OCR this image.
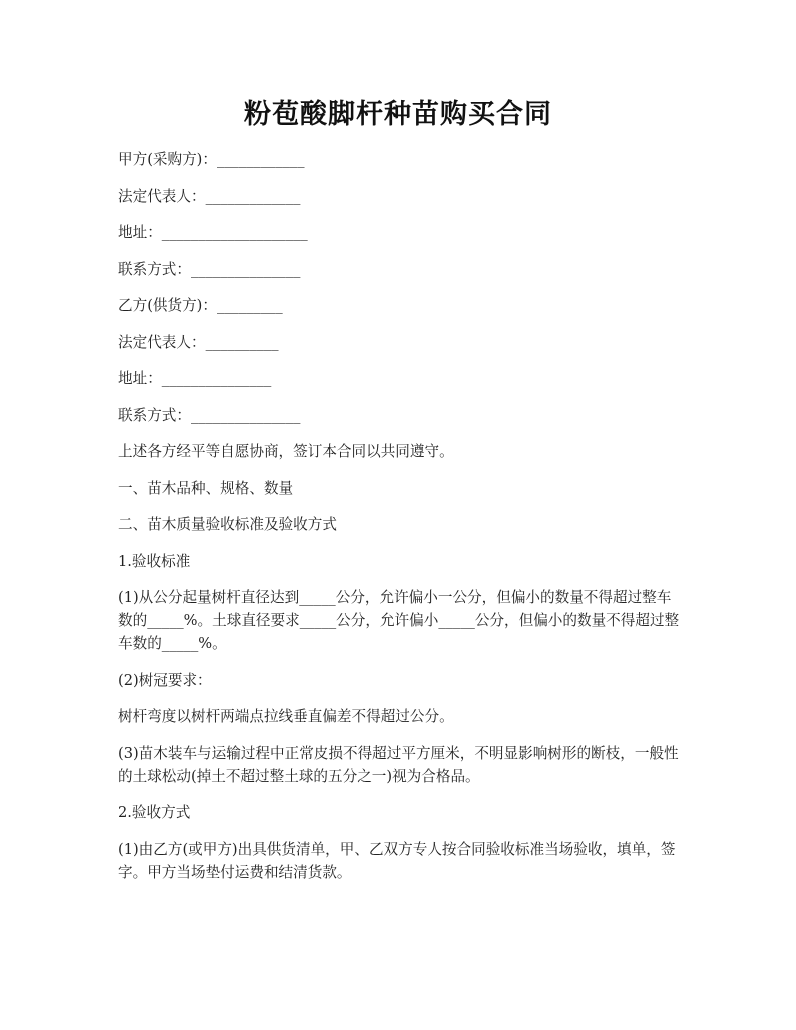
粉苞酸脚杆种苗购买合同

甲方(采购方)：____________

法定代表人：_____________

地址：____________________

联系方式：_______________

乙方(供货方)：_________

法定代表人：__________

地址：_______________

联系方式：_______________

上述各方经平等自愿协商，签订本合同以共同遵守。

一、苗木品种、规格、数量

二、苗木质量验收标准及验收方式

1.验收标准

(1)从公分起量树杆直径达到_____公分，允许偏小一公分，但偏小的数量不得超过整车数的_____%。土球直径要求_____公分，允许偏小_____公分，但偏小的数量不得超过整车数的_____%。

(2)树冠要求：

树杆弯度以树杆两端点拉线垂直偏差不得超过公分。

(3)苗木装车与运输过程中正常皮损不得超过平方厘米，不明显影响树形的断枝，一般性的土球松动(掉土不超过整土球的五分之一)视为合格品。

2.验收方式

(1)由乙方(或甲方)出具供货清单，甲、乙双方专人按合同验收标准当场验收，填单，签字。甲方当场垫付运费和结清货款。
